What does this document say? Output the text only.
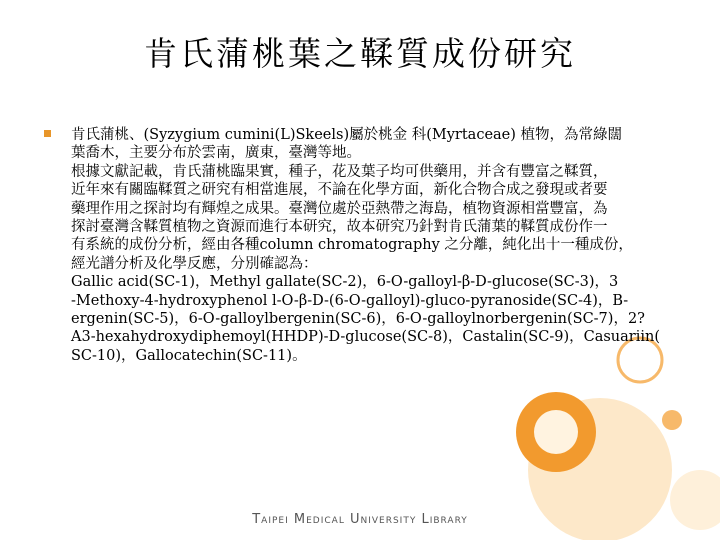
肯氏蒲桃葉之鞣質成份研究
肯氏蒲桃、(Syzygium cumini(L)Skeels)屬於桃金 科(Myrtaceae) 植物，為常綠闊
葉喬木，主要分布於雲南，廣東，臺灣等地。
根據文獻記載，肯氏蒲桃臨果實，種子，花及葉子均可供藥用，并含有豐富之鞣質，
近年來有關臨鞣質之研究有相當進展，不論在化學方面，新化合物合成之發現或者要
藥理作用之探討均有輝煌之成果。臺灣位處於亞熱帶之海島，植物資源相當豐富，為
探討臺灣含鞣質植物之資源而進行本研究，故本研究乃針對肯氏蒲葉的鞣質成份作一
有系統的成份分析，經由各種column chromatography 之分離，純化出十一種成份，
經光譜分析及化學反應，分別確認為：
Gallic acid(SC-1)，Methyl gallate(SC-2)，6-O-galloyl-β-D-glucose(SC-3)，3
-Methoxy-4-hydroxyphenol l-O-β-D-(6-O-galloyl)-gluco-pyranoside(SC-4)，B-
ergenin(SC-5)，6-O-galloylbergenin(SC-6)，6-O-galloylnorbergenin(SC-7)，2?
A3-hexahydroxydiphemoyl(HHDP)-D-glucose(SC-8)，Castalin(SC-9)，Casuariin(
SC-10)，Gallocatechin(SC-11)。
Taipei Medical University Library
